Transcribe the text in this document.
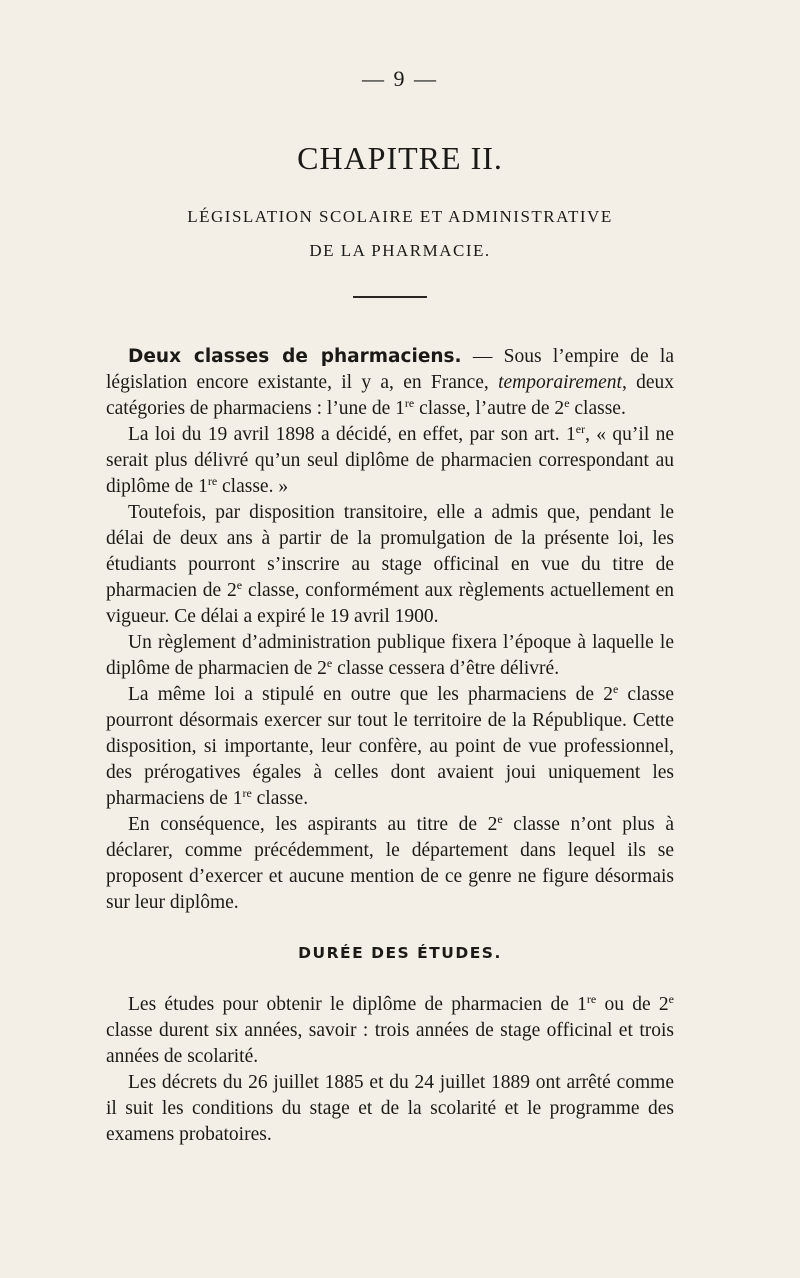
— 9 —
CHAPITRE II.
LÉGISLATION SCOLAIRE ET ADMINISTRATIVE
DE LA PHARMACIE.

Deux classes de pharmaciens. — Sous l’empire de la législation encore existante, il y a, en France, temporairement, deux catégories de pharmaciens : l’une de 1re classe, l’autre de 2e classe.

La loi du 19 avril 1898 a décidé, en effet, par son art. 1er, « qu’il ne serait plus délivré qu’un seul diplôme de pharmacien correspondant au diplôme de 1re classe. »

Toutefois, par disposition transitoire, elle a admis que, pendant le délai de deux ans à partir de la promulgation de la présente loi, les étudiants pourront s’inscrire au stage officinal en vue du titre de pharmacien de 2e classe, conformément aux règlements actuellement en vigueur. Ce délai a expiré le 19 avril 1900.

Un règlement d’administration publique fixera l’époque à laquelle le diplôme de pharmacien de 2e classe cessera d’être délivré.

La même loi a stipulé en outre que les pharmaciens de 2e classe pourront désormais exercer sur tout le territoire de la République. Cette disposition, si importante, leur confère, au point de vue professionnel, des prérogatives égales à celles dont avaient joui uniquement les pharmaciens de 1re classe.

En conséquence, les aspirants au titre de 2e classe n’ont plus à déclarer, comme précédemment, le département dans lequel ils se proposent d’exercer et aucune mention de ce genre ne figure désormais sur leur diplôme.

DURÉE DES ÉTUDES.

Les études pour obtenir le diplôme de pharmacien de 1re ou de 2e classe durent six années, savoir : trois années de stage officinal et trois années de scolarité.

Les décrets du 26 juillet 1885 et du 24 juillet 1889 ont arrêté comme il suit les conditions du stage et de la scolarité et le programme des examens probatoires.
